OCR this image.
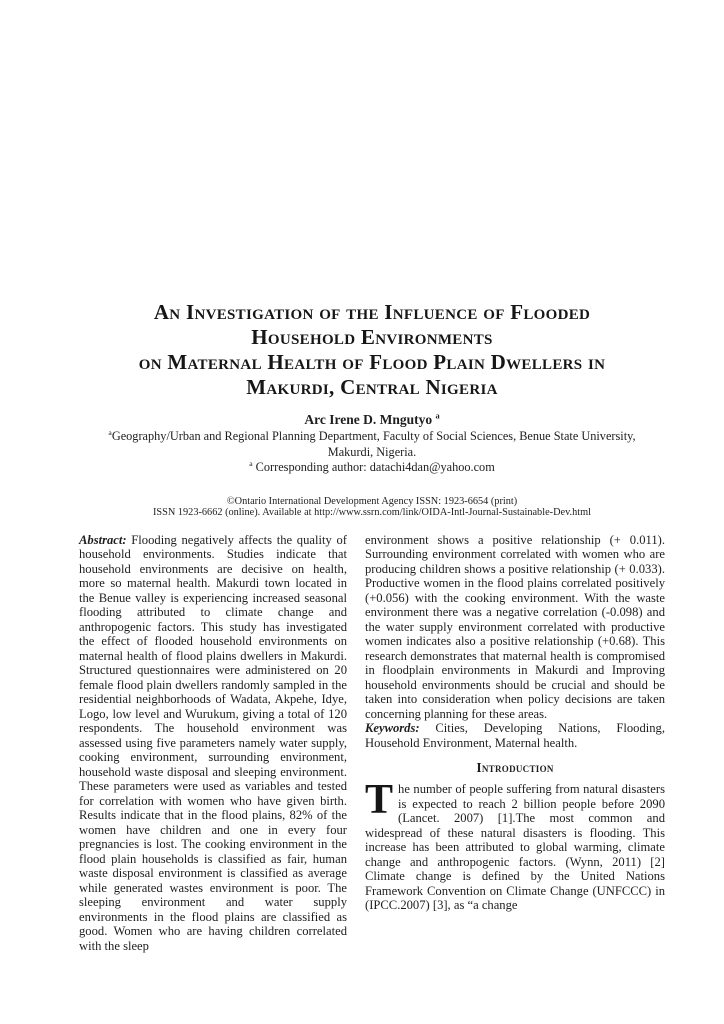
An Investigation of the Influence of Flooded
Household Environments
on Maternal Health of Flood Plain Dwellers in
Makurdi, Central Nigeria
Arc Irene D. Mngutyo $^a$
$^a$Geography/Urban and Regional Planning Department, Faculty of Social Sciences, Benue State University,
Makurdi, Nigeria.
$^a$ Corresponding author: datachi4dan@yahoo.com
©Ontario International Development Agency ISSN: 1923-6654 (print)
ISSN 1923-6662 (online). Available at http://www.ssrn.com/link/OIDA-Intl-Journal-Sustainable-Dev.html

Abstract: Flooding negatively affects the quality of household environments. Studies indicate that household environments are decisive on health, more so maternal health. Makurdi town located in the Benue valley is experiencing increased seasonal flooding attributed to climate change and anthropogenic factors. This study has investigated the effect of flooded household environments on maternal health of flood plains dwellers in Makurdi. Structured questionnaires were administered on 20 female flood plain dwellers randomly sampled in the residential neighborhoods of Wadata, Akpehe, Idye, Logo, low level and Wurukum, giving a total of 120 respondents. The household environment was assessed using five parameters namely water supply, cooking environment, surrounding environment, household waste disposal and sleeping environment. These parameters were used as variables and tested for correlation with women who have given birth. Results indicate that in the flood plains, 82% of the women have children and one in every four pregnancies is lost. The cooking environment in the flood plain households is classified as fair, human waste disposal environment is classified as average while generated wastes environment is poor. The sleeping environment and water supply environments in the flood plains are classified as good. Women who are having children correlated with the sleep

environment shows a positive relationship (+ 0.011). Surrounding environment correlated with women who are producing children shows a positive relationship (+ 0.033). Productive women in the flood plains correlated positively (+0.056) with the cooking environment. With the waste environment there was a negative correlation (-0.098) and the water supply environment correlated with productive women indicates also a positive relationship (+0.68). This research demonstrates that maternal health is compromised in floodplain environments in Makurdi and Improving household environments should be crucial and should be taken into consideration when policy decisions are taken concerning planning for these areas.

Keywords: Cities, Developing Nations, Flooding, Household Environment, Maternal health.

Introduction

The number of people suffering from natural disasters is expected to reach 2 billion people before 2090 (Lancet. 2007) [1].The most common and widespread of these natural disasters is flooding. This increase has been attributed to global warming, climate change and anthropogenic factors. (Wynn, 2011) [2] Climate change is defined by the United Nations Framework Convention on Climate Change (UNFCCC) in (IPCC.2007) [3], as “a change
